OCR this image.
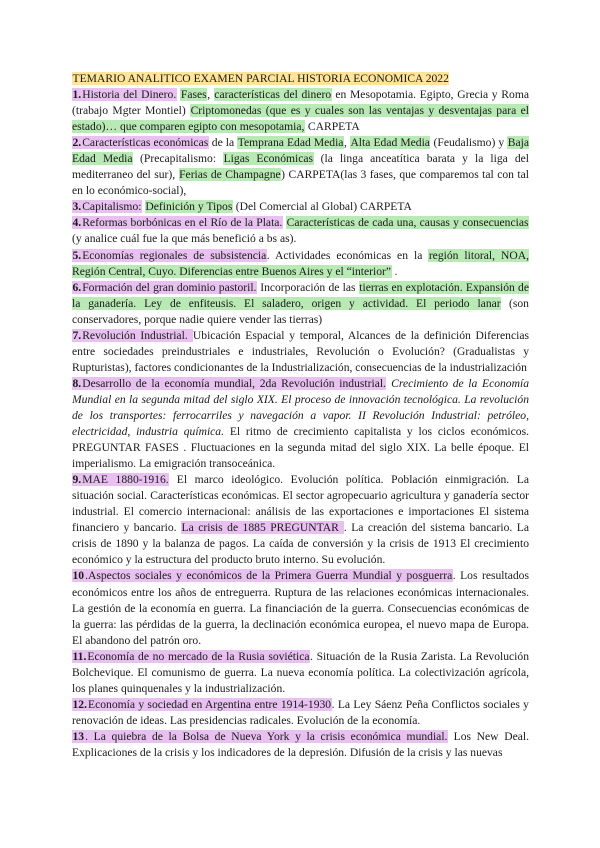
TEMARIO ANALITICO EXAMEN PARCIAL HISTORIA ECONOMICA 2022

1.Historia del Dinero. Fases, características del dinero en Mesopotamia. Egipto, Grecia y Roma (trabajo Mgter Montiel) Criptomonedas (que es y cuales son las ventajas y desventajas para el estado)… que comparen egipto con mesopotamia, CARPETA

2.Características económicas de la Temprana Edad Media, Alta Edad Media (Feudalismo) y Baja Edad Media (Precapitalismo: Ligas Económicas (la linga anceatítica barata y la liga del mediterraneo del sur), Ferias de Champagne) CARPETA(las 3 fases, que comparemos tal con tal en lo económico-social),

3.Capitalismo: Definición y Tipos (Del Comercial al Global) CARPETA

4.Reformas borbónicas en el Río de la Plata. Características de cada una, causas y consecuencias (y analice cuál fue la que más benefició a bs as).

5.Economías regionales de subsistencia. Actividades económicas en la región litoral, NOA, Región Central, Cuyo. Diferencias entre Buenos Aires y el “interior” .

6.Formación del gran dominio pastoril. Incorporación de las tierras en explotación. Expansión de la ganadería. Ley de enfiteusis. El saladero, origen y actividad. El periodo lanar (son conservadores, porque nadie quiere vender las tierras)

7.Revolución Industrial. Ubicación Espacial y temporal, Alcances de la definición Diferencias entre sociedades preindustriales e industriales, Revolución o Evolución? (Gradualistas y Rupturistas), factores condicionantes de la Industrialización, consecuencias de la industrialización

8.Desarrollo de la economía mundial, 2da Revolución industrial. Crecimiento de la Economía Mundial en la segunda mitad del siglo XIX. El proceso de innovación tecnológica. La revolución de los transportes: ferrocarriles y navegación a vapor. II Revolución Industrial: petróleo, electricidad, industria química. El ritmo de crecimiento capitalista y los ciclos económicos. PREGUNTAR FASES . Fluctuaciones en la segunda mitad del siglo XIX. La belle époque. El imperialismo. La emigración transoceánica.

9.MAE 1880-1916. El marco ideológico. Evolución política. Población einmigración. La situación social. Características económicas. El sector agropecuario agricultura y ganadería sector industrial. El comercio internacional: análisis de las exportaciones e importaciones El sistema financiero y bancario. La crisis de 1885 PREGUNTAR . La creación del sistema bancario. La crisis de 1890 y la balanza de pagos. La caída de conversión y la crisis de 1913 El crecimiento económico y la estructura del producto bruto interno. Su evolución.

10.Aspectos sociales y económicos de la Primera Guerra Mundial y posguerra. Los resultados económicos entre los años de entreguerra. Ruptura de las relaciones económicas internacionales. La gestión de la economía en guerra. La financiación de la guerra. Consecuencias económicas de la guerra: las pérdidas de la guerra, la declinación económica europea, el nuevo mapa de Europa. El abandono del patrón oro.

11.Economía de no mercado de la Rusia soviética. Situación de la Rusia Zarista. La Revolución Bolchevique. El comunismo de guerra. La nueva economía política. La colectivización agrícola, los planes quinquenales y la industrialización.

12.Economía y sociedad en Argentina entre 1914-1930. La Ley Sáenz Peña Conflictos sociales y renovación de ideas. Las presidencias radicales. Evolución de la economía.

13. La quiebra de la Bolsa de Nueva York y la crisis económica mundial. Los New Deal. Explicaciones de la crisis y los indicadores de la depresión. Difusión de la crisis y las nuevas
